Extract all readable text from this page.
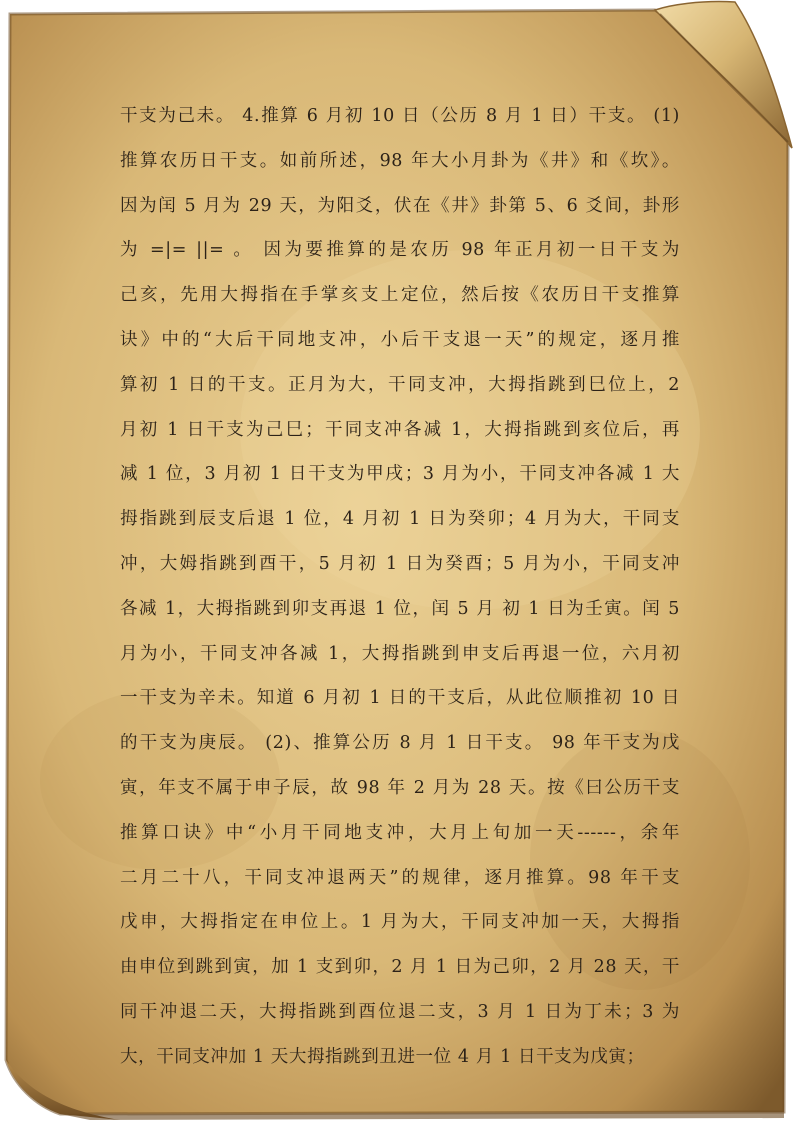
干支为己未。 4.推算 6 月初 10 日（公历 8 月 1 日）干支。 (1)
推算农历日干支。如前所述，98 年大小月卦为《井》和《坎》。
因为闰 5 月为 29 天，为阳爻，伏在《井》卦第 5、6 爻间，卦形
为 =|= ||= 。 因为要推算的是农历 98 年正月初一日干支为
己亥，先用大拇指在手掌亥支上定位，然后按《农历日干支推算
诀》中的“大后干同地支冲，小后干支退一天”的规定，逐月推
算初 1 日的干支。正月为大，干同支冲，大拇指跳到巳位上，2
月初 1 日干支为己巳；干同支冲各减 1，大拇指跳到亥位后，再
减 1 位，3 月初 1 日干支为甲戌；3 月为小，干同支冲各减 1 大
拇指跳到辰支后退 1 位，4 月初 1 日为癸卯；4 月为大，干同支
冲，大姆指跳到酉干，5 月初 1 日为癸酉；5 月为小，干同支冲
各减 1，大拇指跳到卯支再退 1 位，闰 5 月 初 1 日为壬寅。闰 5
月为小，干同支冲各减 1，大拇指跳到申支后再退一位，六月初
一干支为辛未。知道 6 月初 1 日的干支后，从此位顺推初 10 日
的干支为庚辰。 (2)、推算公历 8 月 1 日干支。 98 年干支为戊
寅，年支不属于申子辰，故 98 年 2 月为 28 天。按《曰公历干支
推算口诀》中“小月干同地支冲，大月上旬加一天------，余年
二月二十八，干同支冲退两天”的规律，逐月推算。98 年干支
戊申，大拇指定在申位上。1 月为大，干同支冲加一天，大拇指
由申位到跳到寅，加 1 支到卯，2 月 1 日为己卯，2 月 28 天，干
同干冲退二天，大拇指跳到酉位退二支，3 月 1 日为丁未；3 为
大，干同支冲加 1 天大拇指跳到丑进一位 4 月 1 日干支为戊寅；
